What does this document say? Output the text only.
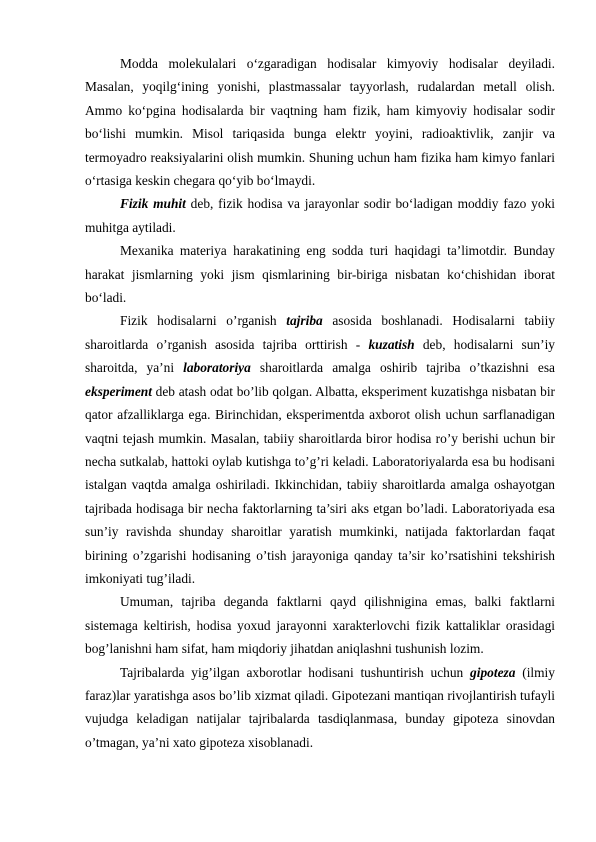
Modda molekulalari o‘zgaradigan hodisalar kimyoviy hodisalar deyiladi. Masalan, yoqilg‘ining yonishi, plastmassalar tayyorlash, rudalardan metall olish. Ammo ko‘pgina hodisalarda bir vaqtning ham fizik, ham kimyoviy hodisalar sodir bo‘lishi mumkin. Misol tariqasida bunga elektr yoyini, radioaktivlik, zanjir va termoyadro reaksiyalarini olish mumkin. Shuning uchun ham fizika ham kimyo fanlari o‘rtasiga keskin chegara qo‘yib bo‘lmaydi.

Fizik muhit deb, fizik hodisa va jarayonlar sodir bo‘ladigan moddiy fazo yoki muhitga aytiladi.

Mexanika materiya harakatining eng sodda turi haqidagi ta’limotdir. Bunday harakat jismlarning yoki jism qismlarining bir-biriga nisbatan ko‘chishidan iborat bo‘ladi.

Fizik hodisalarni o’rganish tajriba asosida boshlanadi. Hodisalarni tabiiy sharoitlarda o’rganish asosida tajriba orttirish - kuzatish deb, hodisalarni sun’iy sharoitda, ya’ni laboratoriya sharoitlarda amalga oshirib tajriba o’tkazishni esa eksperiment deb atash odat bo’lib qolgan. Albatta, eksperiment kuzatishga nisbatan bir qator afzalliklarga ega. Birinchidan, eksperimentda axborot olish uchun sarflanadigan vaqtni tejash mumkin. Masalan, tabiiy sharoitlarda biror hodisa ro’y berishi uchun bir necha sutkalab, hattoki oylab kutishga to’g’ri keladi. Laboratoriyalarda esa bu hodisani istalgan vaqtda amalga oshiriladi. Ikkinchidan, tabiiy sharoitlarda amalga oshayotgan tajribada hodisaga bir necha faktorlarning ta’siri aks etgan bo’ladi. Laboratoriyada esa sun’iy ravishda shunday sharoitlar yaratish mumkinki, natijada faktorlardan faqat birining o’zgarishi hodisaning o’tish jarayoniga qanday ta’sir ko’rsatishini tekshirish imkoniyati tug’iladi.

Umuman, tajriba deganda faktlarni qayd qilishnigina emas, balki faktlarni sistemaga keltirish, hodisa yoxud jarayonni xarakterlovchi fizik kattaliklar orasidagi bog’lanishni ham sifat, ham miqdoriy jihatdan aniqlashni tushunish lozim.

Tajribalarda yig’ilgan axborotlar hodisani tushuntirish uchun gipoteza (ilmiy faraz)lar yaratishga asos bo’lib xizmat qiladi. Gipotezani mantiqan rivojlantirish tufayli vujudga keladigan natijalar tajribalarda tasdiqlanmasa, bunday gipoteza sinovdan o’tmagan, ya’ni xato gipoteza xisoblanadi.
